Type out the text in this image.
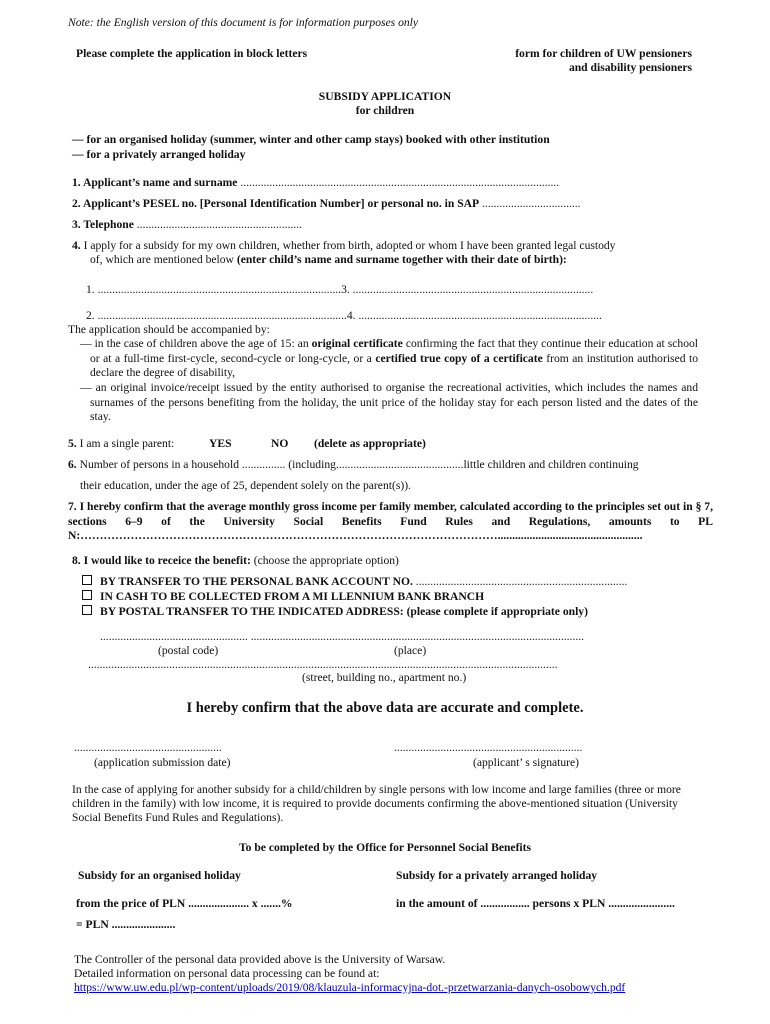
Note: the English version of this document is for information purposes only
Please complete the application in block letters	form for children of UW pensioners
and disability pensioners
SUBSIDY APPLICATION
for children
— for an organised holiday (summer, winter and other camp stays) booked with other institution
— for a privately arranged holiday
1. Applicant’s name and surname ..............................................................................................................
2. Applicant’s PESEL no. [Personal Identification Number] or personal no. in SAP ..................................
3. Telephone .........................................................
4. I apply for a subsidy for my own children, whether from birth, adopted or whom I have been granted legal custody
of, which are mentioned below (enter child’s name and surname together with their date of birth):
1. ....................................................................................3. ...................................................................................
2. ......................................................................................4. ....................................................................................
The application should be accompanied by:
— in the case of children above the age of 15: an original certificate confirming the fact that they continue their education at school or at a full-time first-cycle, second-cycle or long-cycle, or a certified true copy of a certificate from an institution authorised to declare the degree of disability,
— an original invoice/receipt issued by the entity authorised to organise the recreational activities, which includes the names and surnames of the persons benefiting from the holiday, the unit price of the holiday stay for each person listed and the dates of the stay.
5. I am a single parent:	YES	NO (delete as appropriate)
6. Number of persons in a household ............... (including............................................little children and children continuing
their education, under the age of 25, dependent solely on the parent(s)).
7. I hereby confirm that the average monthly gross income per family member, calculated according to the principles set out in § 7, sections 6–9 of the University Social Benefits Fund Rules and Regulations, amounts to PLN:………………………………………………………………………………………………..................................................
8. I would like to receice the benefit: (choose the appropriate option)
BY TRANSFER TO THE PERSONAL BANK ACCOUNT NO. .........................................................................
IN CASH TO BE COLLECTED FROM A MI LLENNIUM BANK BRANCH
BY POSTAL TRANSFER TO THE INDICATED ADDRESS: (please complete if appropriate only)
................................................... ...................................................................................................................
(postal code)	(place)
..................................................................................................................................................................
(street, building no., apartment no.)
I hereby confirm that the above data are accurate and complete.
...................................................
(application submission date)
.................................................................
(applicant’ s signature)
In the case of applying for another subsidy for a child/children by single persons with low income and large families (three or more children in the family) with low income, it is required to provide documents confirming the above-mentioned situation (University Social Benefits Fund Rules and Regulations).
To be completed by the Office for Personnel Social Benefits
Subsidy for an organised holiday	Subsidy for a privately arranged holiday
from the price of PLN ..................... x .......%	in the amount of ................. persons x PLN .......................
= PLN ......................
The Controller of the personal data provided above is the University of Warsaw.
Detailed information on personal data processing can be found at:
https://www.uw.edu.pl/wp-content/uploads/2019/08/klauzula-informacyjna-dot.-przetwarzania-danych-osobowych.pdf
